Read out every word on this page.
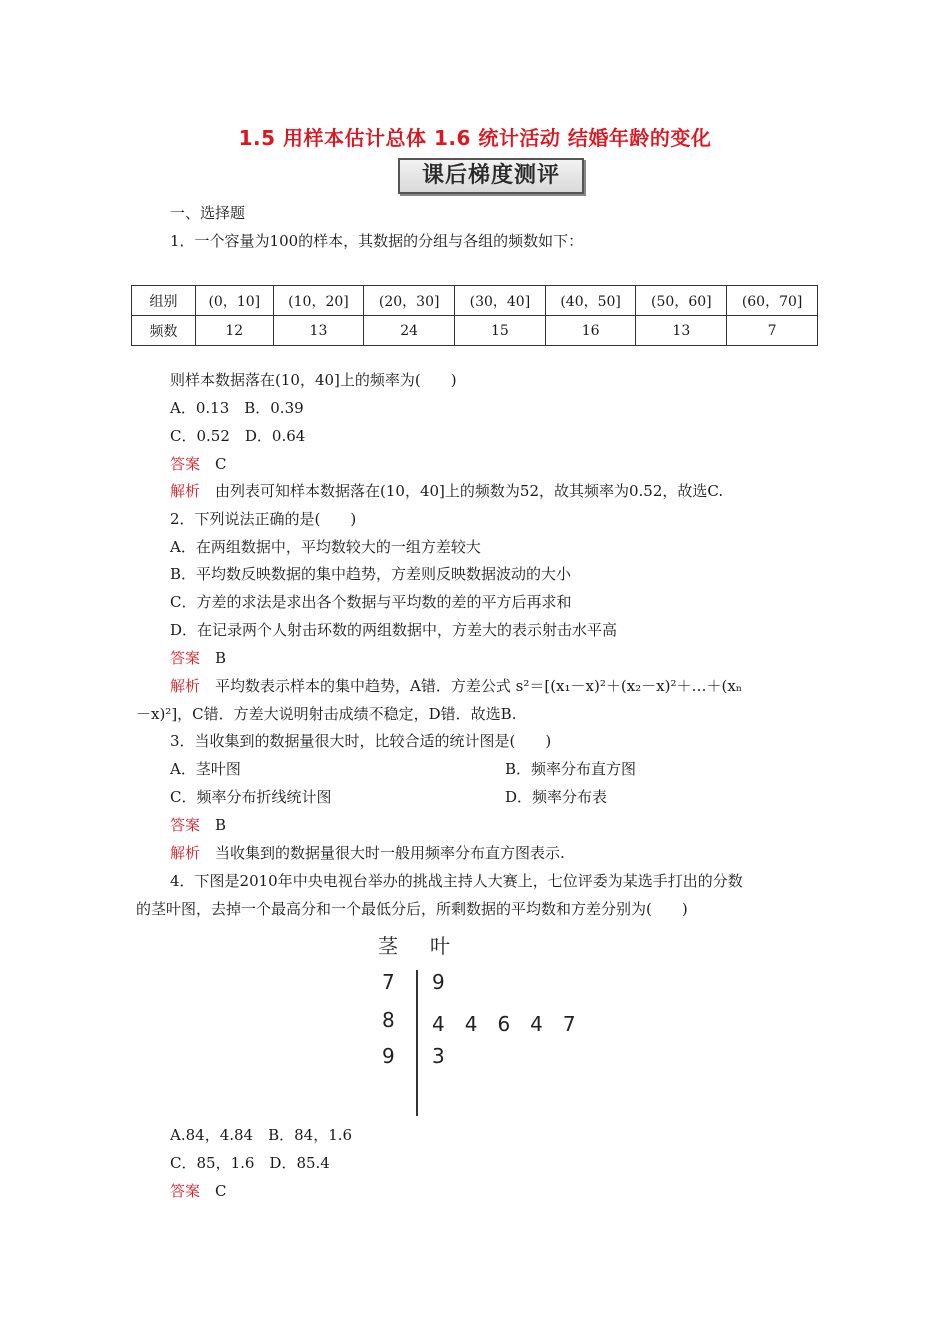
1.5 用样本估计总体 1.6 统计活动 结婚年龄的变化
课后梯度测评
一、选择题
1．一个容量为100的样本，其数据的分组与各组的频数如下：
组别	(0，10]	(10，20]	(20，30]	(30，40]	(40，50]	(50，60]	(60，70]
频数	12	13	24	15	16	13	7
则样本数据落在(10，40]上的频率为(　　)
A．0.13　B．0.39
C．0.52　D．0.64
答案　 C
解析　 由列表可知样本数据落在(10，40]上的频数为52，故其频率为0.52，故选C.
2．下列说法正确的是(　　)
A．在两组数据中，平均数较大的一组方差较大
B．平均数反映数据的集中趋势，方差则反映数据波动的大小
C．方差的求法是求出各个数据与平均数的差的平方后再求和
D．在记录两个人射击环数的两组数据中，方差大的表示射击水平高
答案　 B
解析　 平均数表示样本的集中趋势，A错．方差公式 s²＝[(x₁－x)²＋(x₂－x)²＋…＋(xₙ
－x)²]，C错．方差大说明射击成绩不稳定，D错．故选B.
3．当收集到的数据量很大时，比较合适的统计图是(　　)
A．茎叶图	B．频率分布直方图
C．频率分布折线统计图	D．频率分布表
答案　 B
解析　 当收集到的数据量很大时一般用频率分布直方图表示.
4．下图是2010年中央电视台举办的挑战主持人大赛上，七位评委为某选手打出的分数
的茎叶图，去掉一个最高分和一个最低分后，所剩数据的平均数和方差分别为(　　)
茎 叶
7 9
8 4　4　6　4　7
9 3
A.84，4.84　B．84，1.6
C．85，1.6　D．85.4
答案　 C
